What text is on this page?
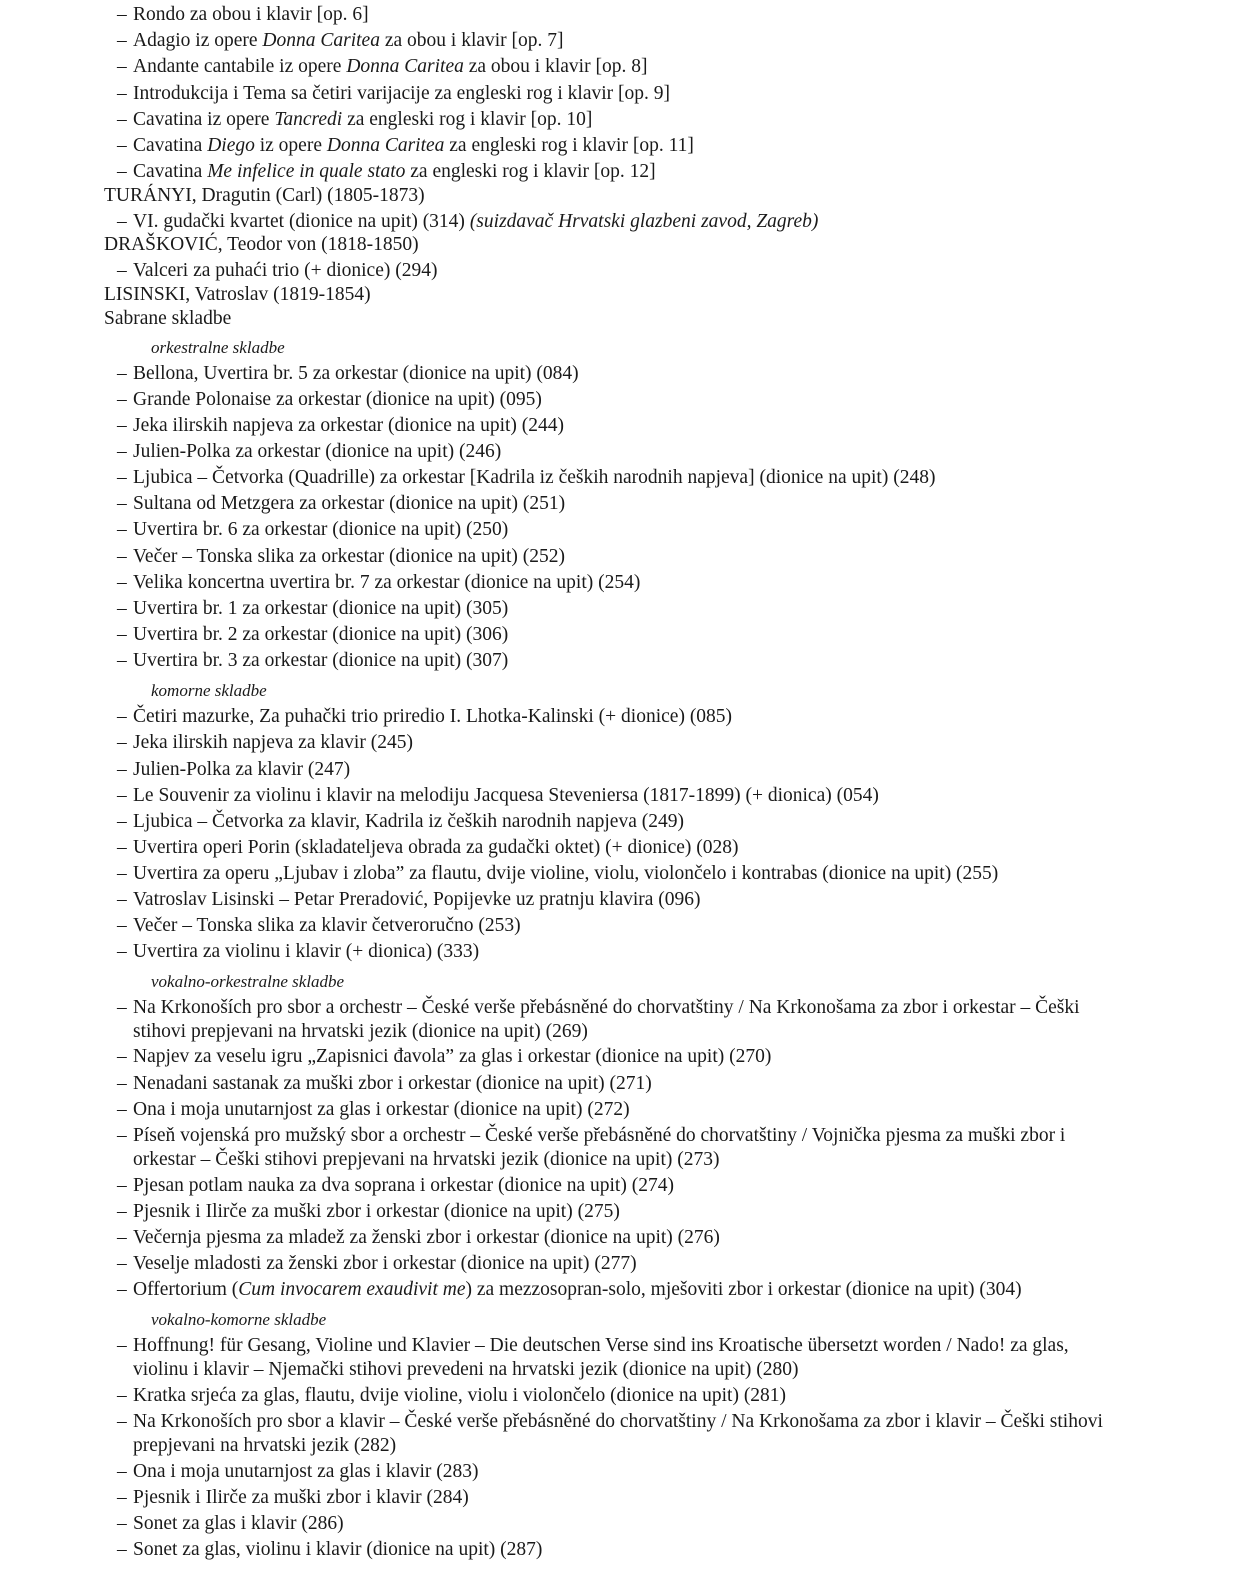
– Rondo za obou i klavir [op. 6]
– Adagio iz opere Donna Caritea za obou i klavir [op. 7]
– Andante cantabile iz opere Donna Caritea za obou i klavir [op. 8]
– Introdukcija i Tema sa četiri varijacije za engleski rog i klavir [op. 9]
– Cavatina iz opere Tancredi za engleski rog i klavir [op. 10]
– Cavatina Diego iz opere Donna Caritea za engleski rog i klavir [op. 11]
– Cavatina Me infelice in quale stato za engleski rog i klavir [op. 12]
TURÁNYI, Dragutin (Carl) (1805-1873)
– VI. gudački kvartet (dionice na upit) (314) (suizdavač Hrvatski glazbeni zavod, Zagreb)
DRAŠKOVIĆ, Teodor von (1818-1850)
– Valceri za puhaći trio (+ dionice) (294)
LISINSKI, Vatroslav (1819-1854)
Sabrane skladbe
orkestralne skladbe
– Bellona, Uvertira br. 5 za orkestar (dionice na upit) (084)
– Grande Polonaise za orkestar (dionice na upit) (095)
– Jeka ilirskih napjeva za orkestar (dionice na upit) (244)
– Julien-Polka za orkestar (dionice na upit) (246)
– Ljubica – Četvorka (Quadrille) za orkestar [Kadrila iz čeških narodnih napjeva] (dionice na upit) (248)
– Sultana od Metzgera za orkestar (dionice na upit) (251)
– Uvertira br. 6 za orkestar (dionice na upit) (250)
– Večer – Tonska slika za orkestar (dionice na upit) (252)
– Velika koncertna uvertira br. 7 za orkestar (dionice na upit) (254)
– Uvertira br. 1 za orkestar (dionice na upit) (305)
– Uvertira br. 2 za orkestar (dionice na upit) (306)
– Uvertira br. 3 za orkestar (dionice na upit) (307)
komorne skladbe
– Četiri mazurke, Za puhački trio priredio I. Lhotka-Kalinski (+ dionice) (085)
– Jeka ilirskih napjeva za klavir (245)
– Julien-Polka za klavir (247)
– Le Souvenir za violinu i klavir na melodiju Jacquesa Steveniersa (1817-1899) (+ dionica) (054)
– Ljubica – Četvorka za klavir, Kadrila iz čeških narodnih napjeva (249)
– Uvertira operi Porin (skladateljeva obrada za gudački oktet) (+ dionice) (028)
– Uvertira za operu „Ljubav i zloba” za flautu, dvije violine, violu, violončelo i kontrabas (dionice na upit) (255)
– Vatroslav Lisinski – Petar Preradović, Popijevke uz pratnju klavira (096)
– Večer – Tonska slika za klavir četveroručno (253)
– Uvertira za violinu i klavir (+ dionica) (333)
vokalno-orkestralne skladbe
– Na Krkonoších pro sbor a orchestr – České verše přebásněné do chorvatštiny / Na Krkonošama za zbor i orkestar – Češki
stihovi prepjevani na hrvatski jezik (dionice na upit) (269)
– Napjev za veselu igru „Zapisnici đavola” za glas i orkestar (dionice na upit) (270)
– Nenadani sastanak za muški zbor i orkestar (dionice na upit) (271)
– Ona i moja unutarnjost za glas i orkestar (dionice na upit) (272)
– Píseň vojenská pro mužský sbor a orchestr – České verše přebásněné do chorvatštiny / Vojnička pjesma za muški zbor i
orkestar – Češki stihovi prepjevani na hrvatski jezik (dionice na upit) (273)
– Pjesan potlam nauka za dva soprana i orkestar (dionice na upit) (274)
– Pjesnik i Ilirče za muški zbor i orkestar (dionice na upit) (275)
– Večernja pjesma za mladež za ženski zbor i orkestar (dionice na upit) (276)
– Veselje mladosti za ženski zbor i orkestar (dionice na upit) (277)
– Offertorium (Cum invocarem exaudivit me) za mezzosopran-solo, mješoviti zbor i orkestar (dionice na upit) (304)
vokalno-komorne skladbe
– Hoffnung! für Gesang, Violine und Klavier – Die deutschen Verse sind ins Kroatische übersetzt worden / Nado! za glas,
violinu i klavir – Njemački stihovi prevedeni na hrvatski jezik (dionice na upit) (280)
– Kratka srjeća za glas, flautu, dvije violine, violu i violončelo (dionice na upit) (281)
– Na Krkonoších pro sbor a klavir – České verše přebásněné do chorvatštiny / Na Krkonošama za zbor i klavir – Češki stihovi
prepjevani na hrvatski jezik (282)
– Ona i moja unutarnjost za glas i klavir (283)
– Pjesnik i Ilirče za muški zbor i klavir (284)
– Sonet za glas i klavir (286)
– Sonet za glas, violinu i klavir (dionice na upit) (287)
